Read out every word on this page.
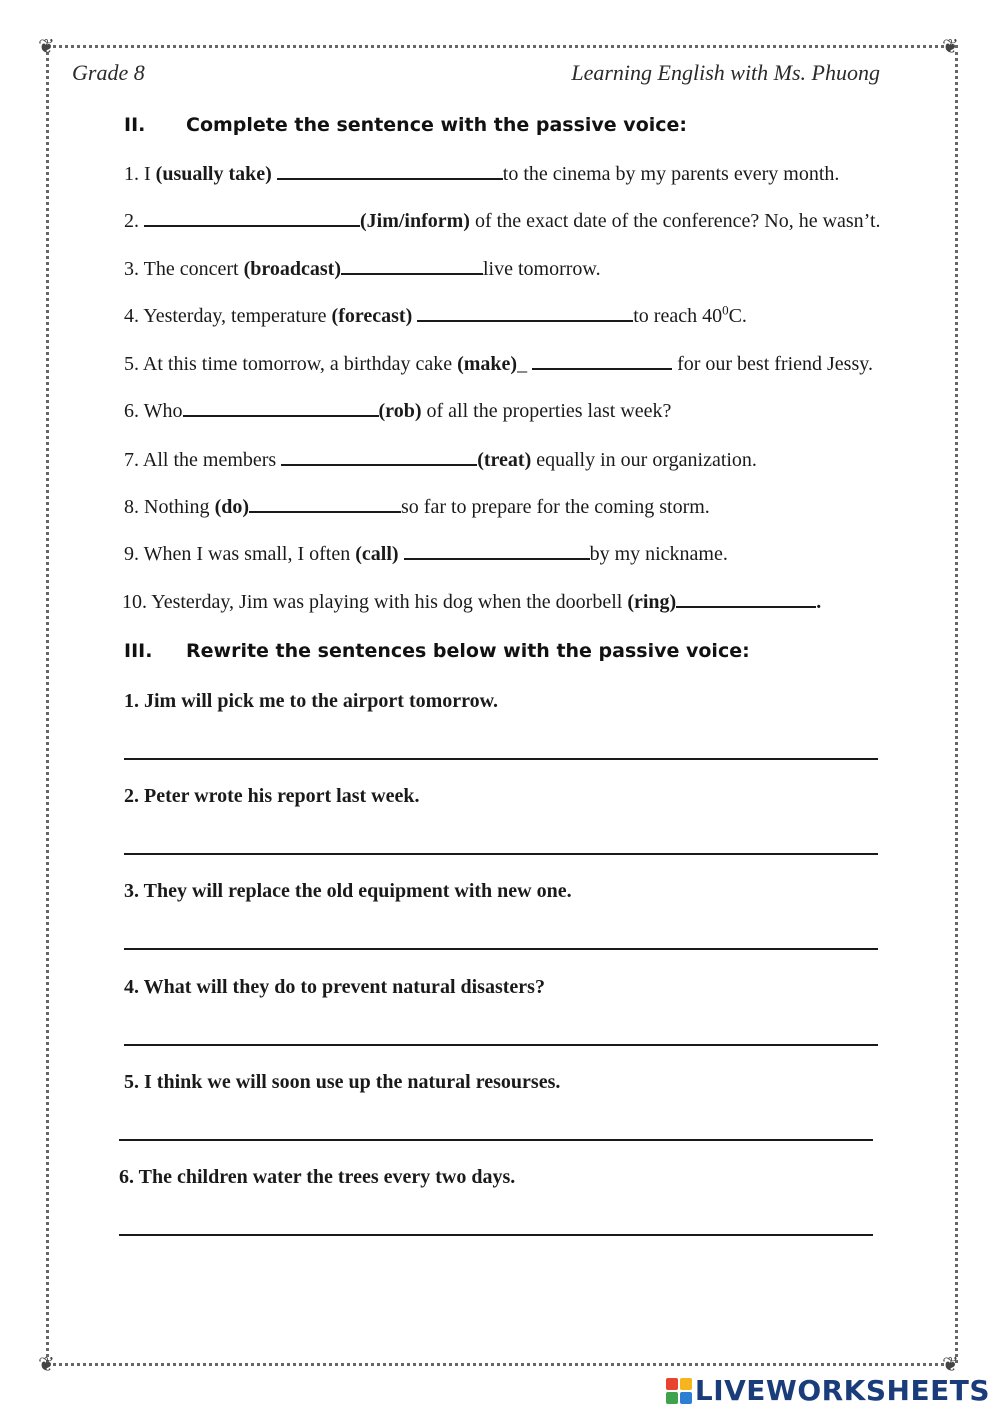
❦	❦
❦	❦
Grade 8	Learning English with Ms. Phuong
II. Complete the sentence with the passive voice:
1. I (usually take)	to the cinema by my parents every month.
2.	(Jim/inform) of the exact date of the conference? No, he wasn’t.
3. The concert (broadcast)	live tomorrow.
4. Yesterday, temperature (forecast)	to reach $40^0C$.
5. At this time tomorrow, a birthday cake (make)_	for our best friend Jessy.
6. Who	(rob) of all the properties last week?
7. All the members	(treat) equally in our organization.
8. Nothing (do)	so far to prepare for the coming storm.
9. When I was small, I often (call)	by my nickname.
10. Yesterday, Jim was playing with his dog when the doorbell (ring)	.
III. Rewrite the sentences below with the passive voice:
1. Jim will pick me to the airport tomorrow.
2. Peter wrote his report last week.
3. They will replace the old equipment with new one.
4. What will they do to prevent natural disasters?
5. I think we will soon use up the natural resourses.
6. The children water the trees every two days.
LIVEWORKSHEETS
